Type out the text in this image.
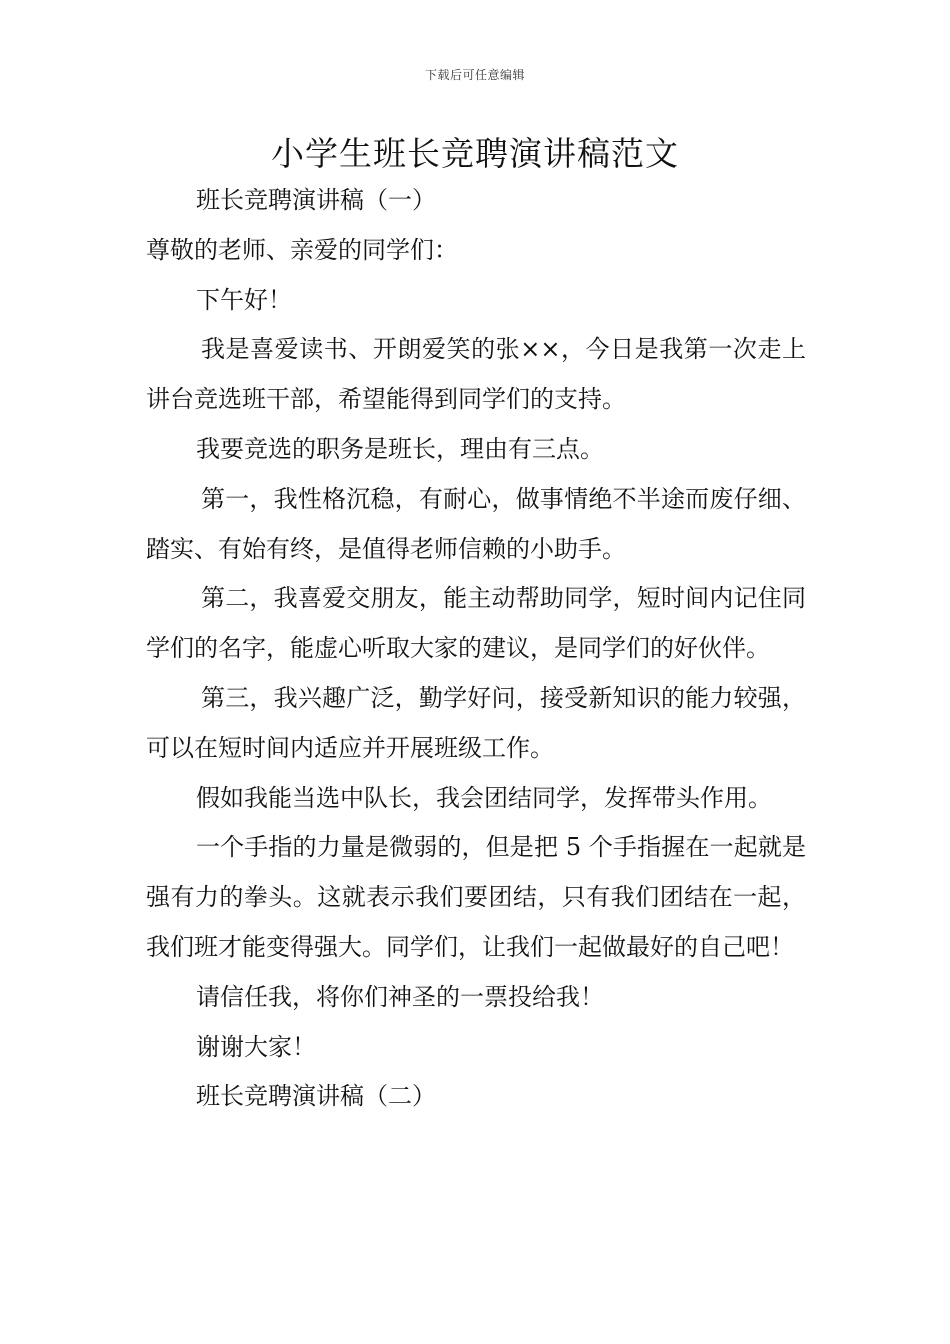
下载后可任意编辑
小学生班长竞聘演讲稿范文

班长竞聘演讲稿（一）

尊敬的老师、亲爱的同学们：

下午好！

我是喜爱读书、开朗爱笑的张××，今日是我第一次走上讲台竞选班干部，希望能得到同学们的支持。

我要竞选的职务是班长，理由有三点。

第一，我性格沉稳，有耐心，做事情绝不半途而废仔细、踏实、有始有终，是值得老师信赖的小助手。

第二，我喜爱交朋友，能主动帮助同学，短时间内记住同学们的名字，能虚心听取大家的建议，是同学们的好伙伴。

第三，我兴趣广泛，勤学好问，接受新知识的能力较强，可以在短时间内适应并开展班级工作。

假如我能当选中队长，我会团结同学，发挥带头作用。

一个手指的力量是微弱的，但是把 5 个手指握在一起就是强有力的拳头。这就表示我们要团结，只有我们团结在一起，我们班才能变得强大。同学们，让我们一起做最好的自己吧！

请信任我，将你们神圣的一票投给我！

谢谢大家！

班长竞聘演讲稿（二）
